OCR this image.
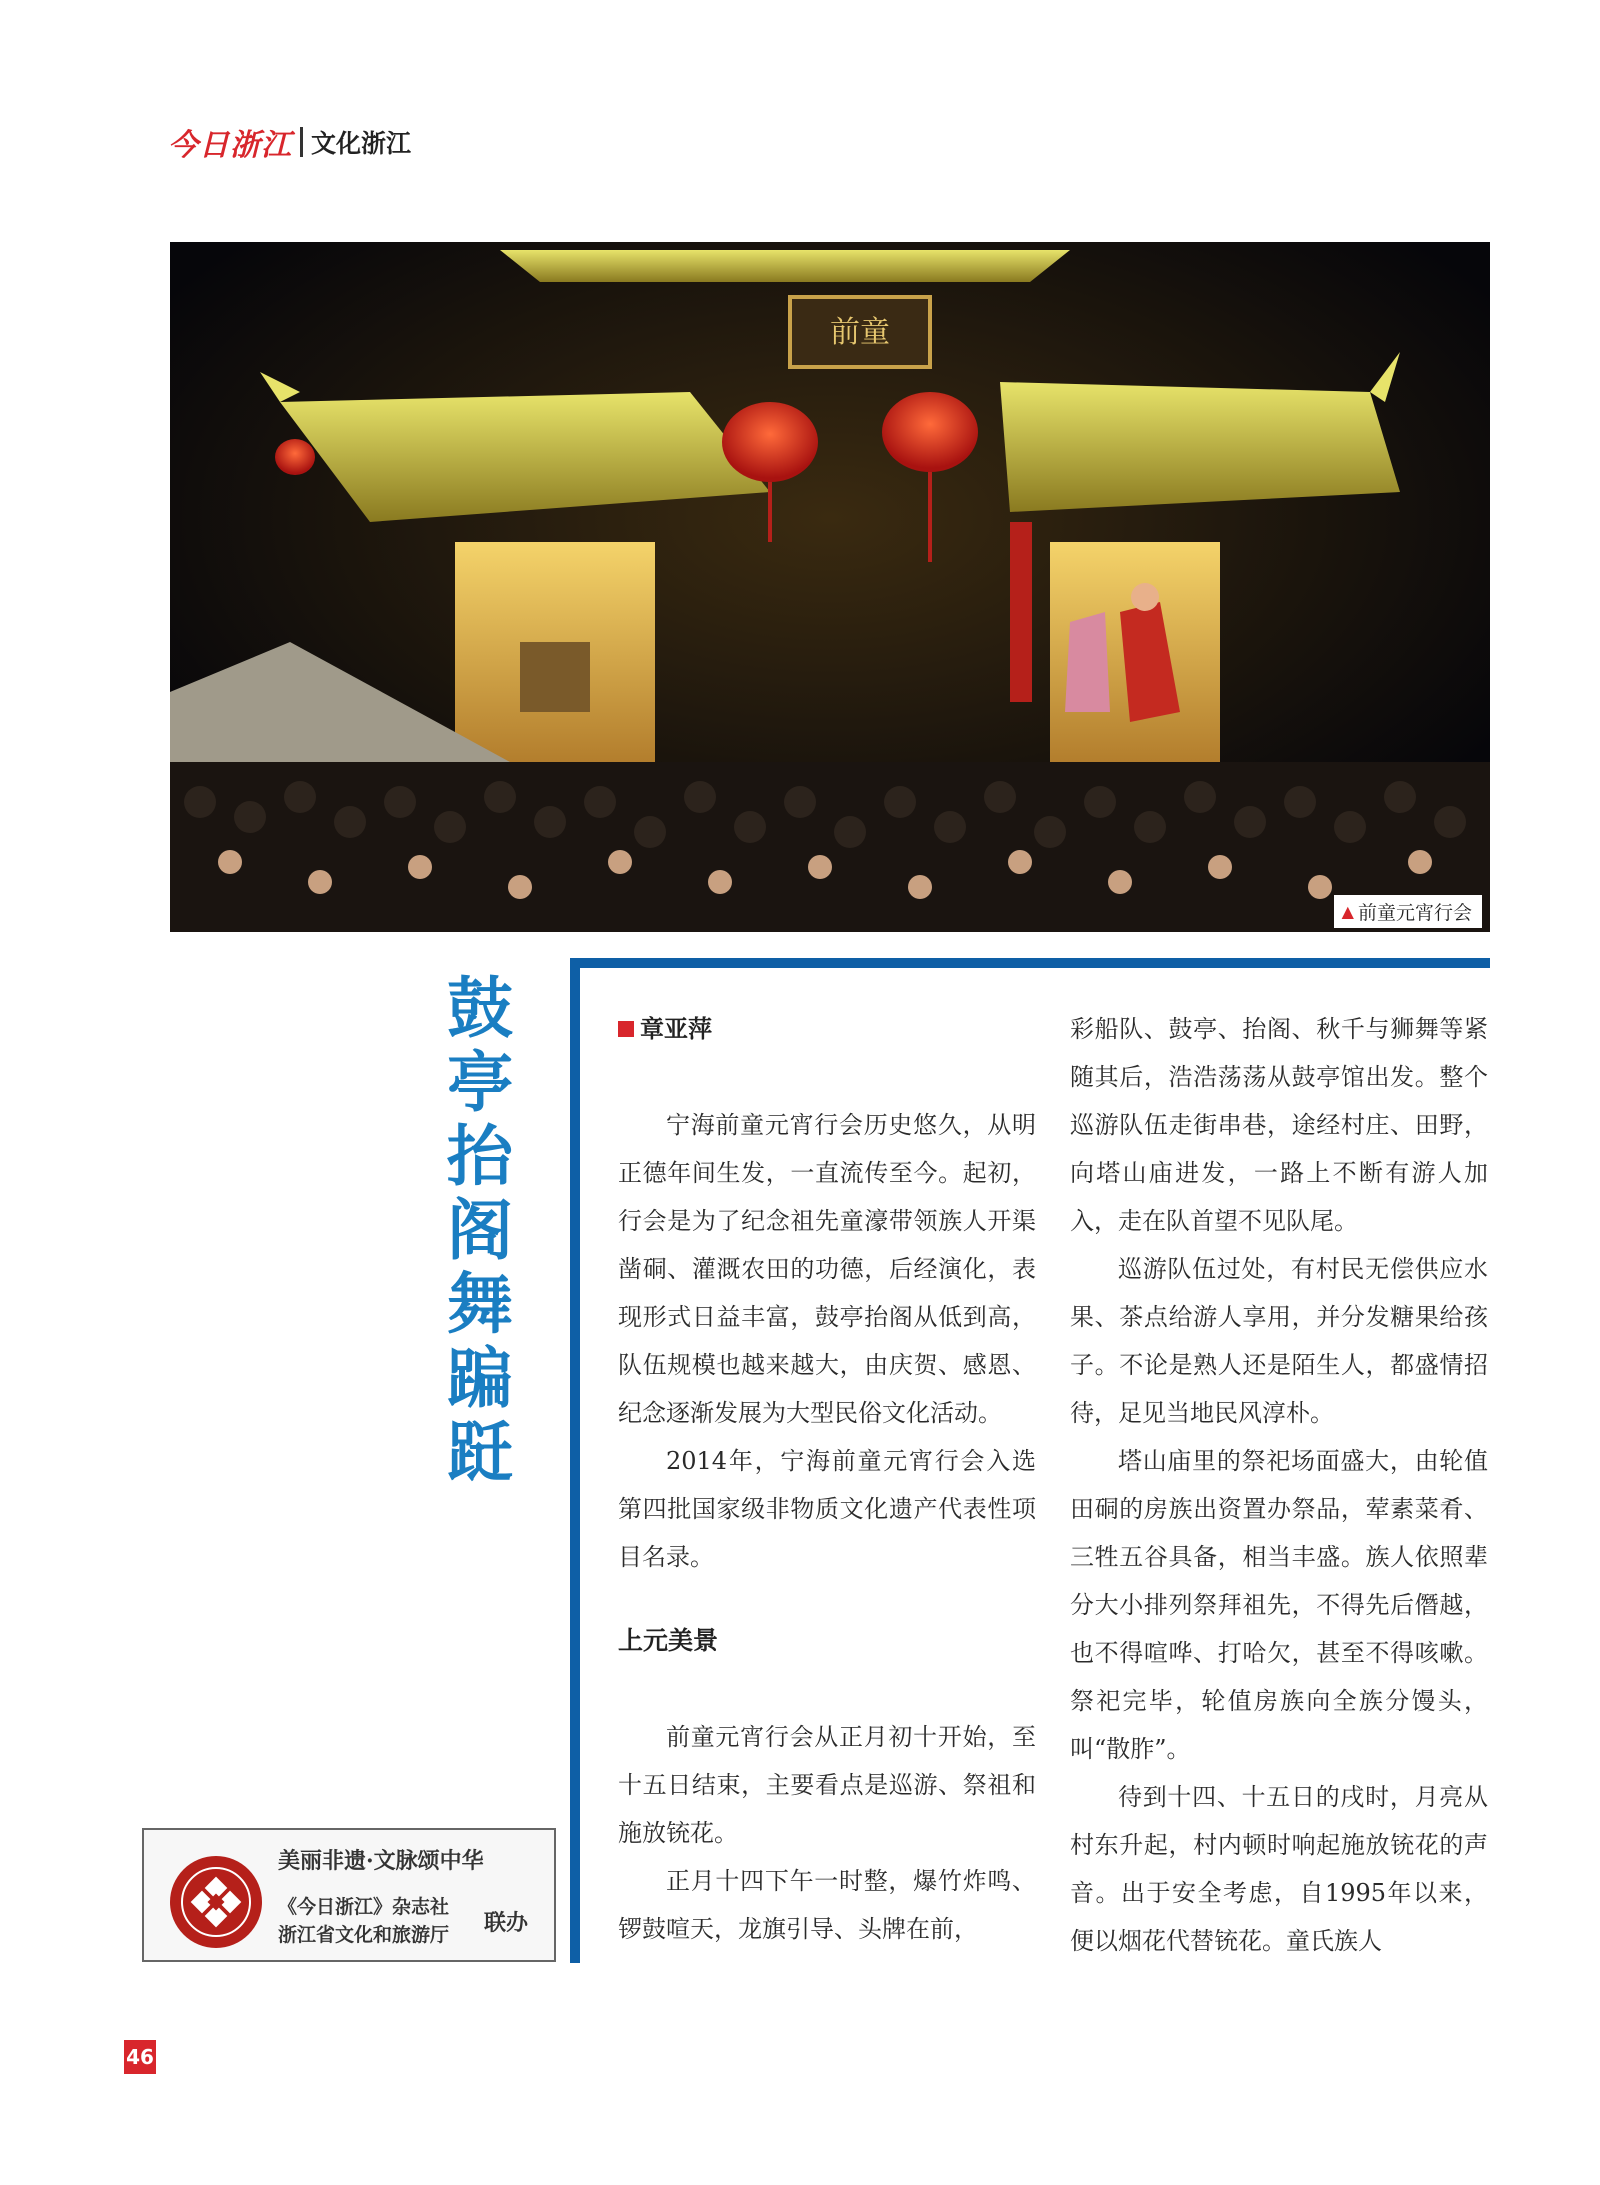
今日浙江 文化浙江
前童
▲ 前童元宵行会
鼓
亭
抬
阁
舞
蹁
跹
章亚萍

宁海前童元宵行会历史悠久，从明正德年间生发，一直流传至今。起初，行会是为了纪念祖先童濠带领族人开渠凿硐、灌溉农田的功德，后经演化，表现形式日益丰富，鼓亭抬阁从低到高，队伍规模也越来越大，由庆贺、感恩、纪念逐渐发展为大型民俗文化活动。

2014年，宁海前童元宵行会入选第四批国家级非物质文化遗产代表性项目名录。

上元美景

前童元宵行会从正月初十开始，至十五日结束，主要看点是巡游、祭祖和施放铳花。

正月十四下午一时整，爆竹炸鸣、锣鼓喧天，龙旗引导、头牌在前，

彩船队、鼓亭、抬阁、秋千与狮舞等紧随其后，浩浩荡荡从鼓亭馆出发。整个巡游队伍走街串巷，途经村庄、田野，向塔山庙进发，一路上不断有游人加入，走在队首望不见队尾。

巡游队伍过处，有村民无偿供应水果、茶点给游人享用，并分发糖果给孩子。不论是熟人还是陌生人，都盛情招待，足见当地民风淳朴。

塔山庙里的祭祀场面盛大，由轮值田硐的房族出资置办祭品，荤素菜肴、三牲五谷具备，相当丰盛。族人依照辈分大小排列祭拜祖先，不得先后僭越，也不得喧哗、打哈欠，甚至不得咳嗽。祭祀完毕，轮值房族向全族分馒头，叫“散胙”。

待到十四、十五日的戌时，月亮从村东升起，村内顿时响起施放铳花的声音。出于安全考虑，自1995年以来，便以烟花代替铳花。童氏族人

美丽非遗·文脉颂中华
《今日浙江》杂志社
浙江省文化和旅游厅	联办
46
